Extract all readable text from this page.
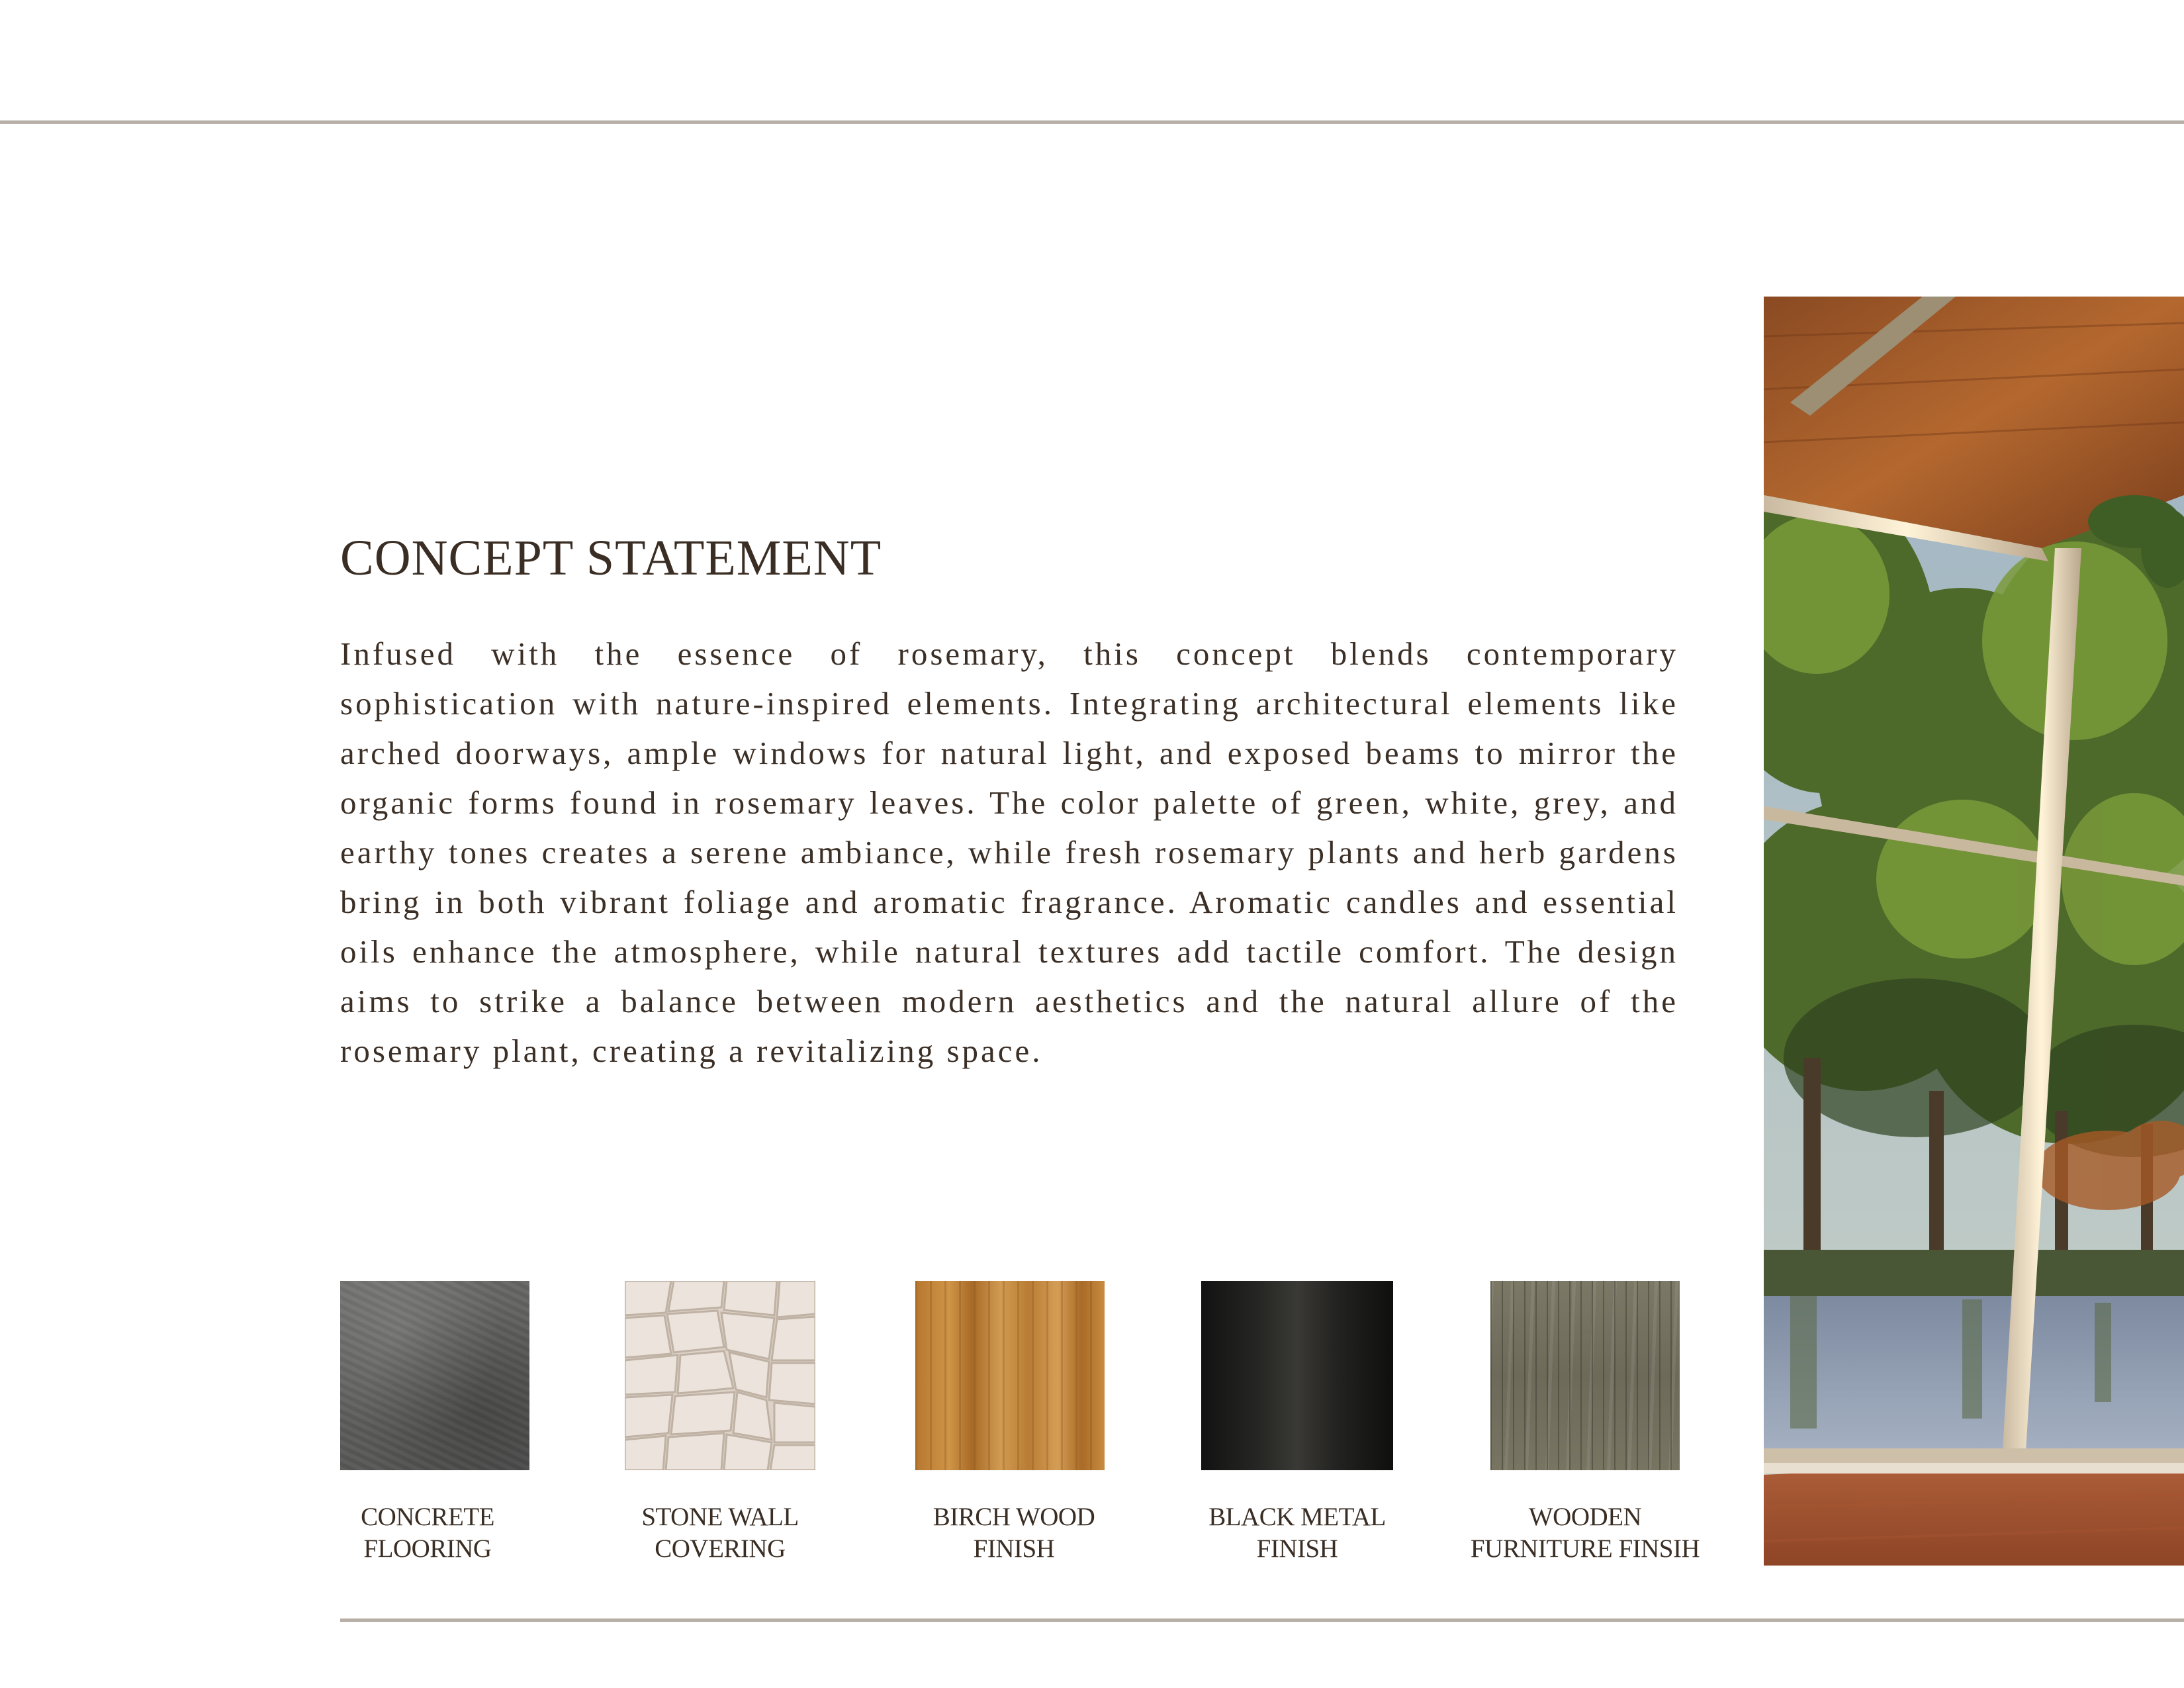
CONCEPT STATEMENT

Infused with the essence of rosemary, this concept blends contemporary sophistication with nature-inspired elements. Integrating architectural elements like arched doorways, ample windows for natural light, and exposed beams to mirror the organic forms found in rosemary leaves. The color palette of green, white, grey, and earthy tones creates a serene ambiance, while fresh rosemary plants and herb gardens bring in both vibrant foliage and aromatic fragrance. Aromatic candles and essential oils enhance the atmosphere, while natural textures add tactile comfort. The design aims to strike a balance between modern aesthetics and the natural allure of the rosemary plant, creating a revitalizing space.

CONCRETE
FLOORING
STONE WALL
COVERING
BIRCH WOOD
FINISH
BLACK METAL
FINISH
WOODEN
FURNITURE FINSIH
